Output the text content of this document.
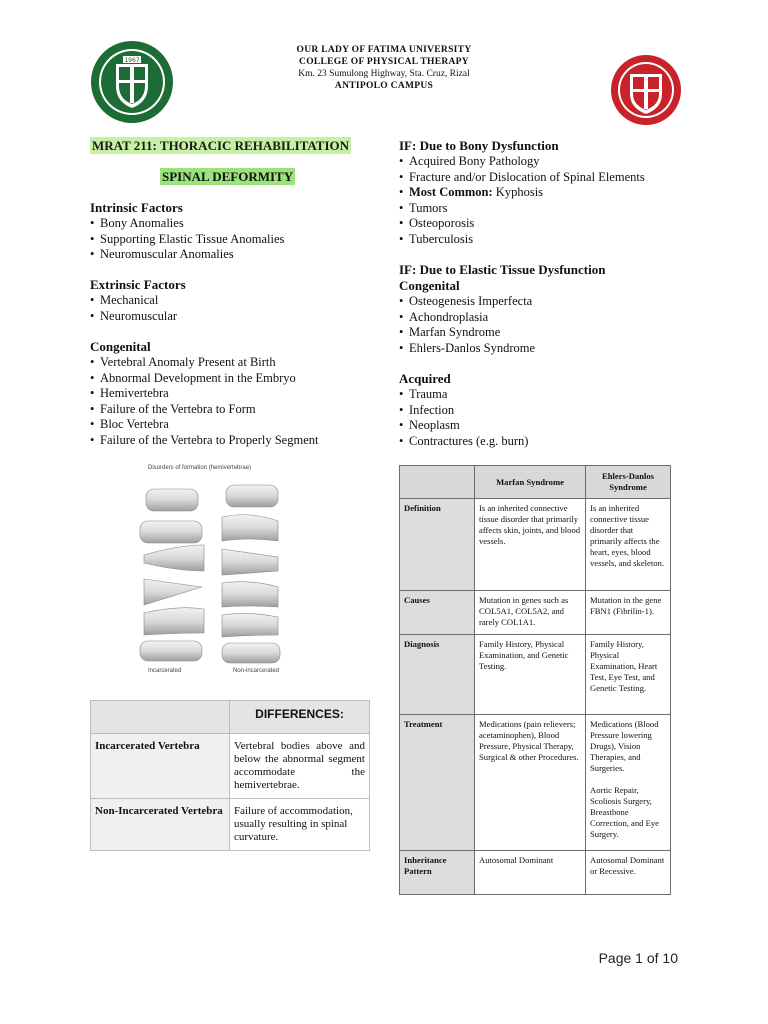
1967
OUR LADY OF FATIMA UNIVERSITY
COLLEGE OF PHYSICAL THERAPY
Km. 23 Sumulong Highway, Sta. Cruz, Rizal
ANTIPOLO CAMPUS
MRAT 211: THORACIC REHABILITATION
SPINAL DEFORMITY
Intrinsic Factors
• Bony Anomalies
• Supporting Elastic Tissue Anomalies
• Neuromuscular Anomalies
Extrinsic Factors
• Mechanical
• Neuromuscular
Congenital
• Vertebral Anomaly Present at Birth
• Abnormal Development in the Embryo
• Hemivertebra
• Failure of the Vertebra to Form
• Bloc Vertebra
• Failure of the Vertebra to Properly Segment
Disorders of formation (hemivertebrae)
Incarcerated	Non-incarcerated
	DIFFERENCES:
Incarcerated Vertebra	Vertebral bodies above and below the abnormal segment accommodate the hemivertebrae.
Non-Incarcerated Vertebra	Failure of accommodation, usually resulting in spinal curvature.
IF: Due to Bony Dysfunction
• Acquired Bony Pathology
• Fracture and/or Dislocation of Spinal Elements
• Most Common: Kyphosis
• Tumors
• Osteoporosis
• Tuberculosis
IF: Due to Elastic Tissue Dysfunction
Congenital
• Osteogenesis Imperfecta
• Achondroplasia
• Marfan Syndrome
• Ehlers-Danlos Syndrome
Acquired
• Trauma
• Infection
• Neoplasm
• Contractures (e.g. burn)
	Marfan Syndrome	Ehlers-Danlos Syndrome
Definition	Is an inherited connective tissue disorder that primarily affects skin, joints, and blood vessels.	Is an inherited connective tissue disorder that primarily affects the heart, eyes, blood vessels, and skeleton.
Causes	Mutation in genes such as COL5A1, COL5A2, and rarely COL1A1.	Mutation in the gene FBN1 (Fibrilin-1).
Diagnosis	Family History, Physical Examination, and Genetic Testing.	Family History, Physical Examination, Heart Test, Eye Test, and Genetic Testing.
Treatment	Medications (pain relievers; acetaminophen), Blood Pressure, Physical Therapy, Surgical & other Procedures.	Medications (Blood Pressure lowering Drugs), Vision Therapies, and Surgeries.
Aortic Repair, Scoliosis Surgery, Breastbone Correction, and Eye Surgery.

Inheritance Pattern	Autosomal Dominant	Autosomal Dominant or Recessive.
Page 1 of 10
